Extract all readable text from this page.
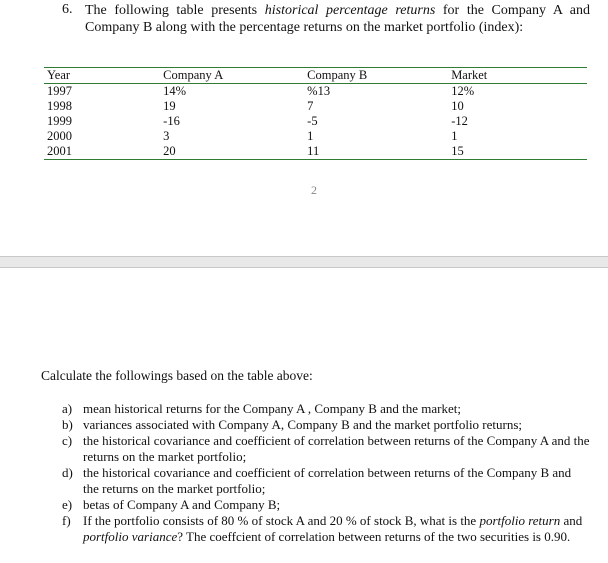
6. The following table presents historical percentage returns for the Company A and Company B along with the percentage returns on the market portfolio (index):
Year	Company A	Company B	Market
1997	14%	%13	12%
1998	19	7	10
1999	-16	-5	-12
2000	3	1	1
2001	20	11	15
2
Calculate the followings based on the table above:
a) mean historical returns for the Company A , Company B and the market;
b) variances associated with Company A, Company B and the market portfolio returns;
c) the historical covariance and coefficient of correlation between returns of the Company A and the returns on the market portfolio;
d) the historical covariance and coefficient of correlation between returns of the Company B and the returns on the market portfolio;
e) betas of Company A and Company B;
f) If the portfolio consists of 80 % of stock A and 20 % of stock B, what is the portfolio return and portfolio variance? The coeffcient of correlation between returns of the two securities is 0.90.
